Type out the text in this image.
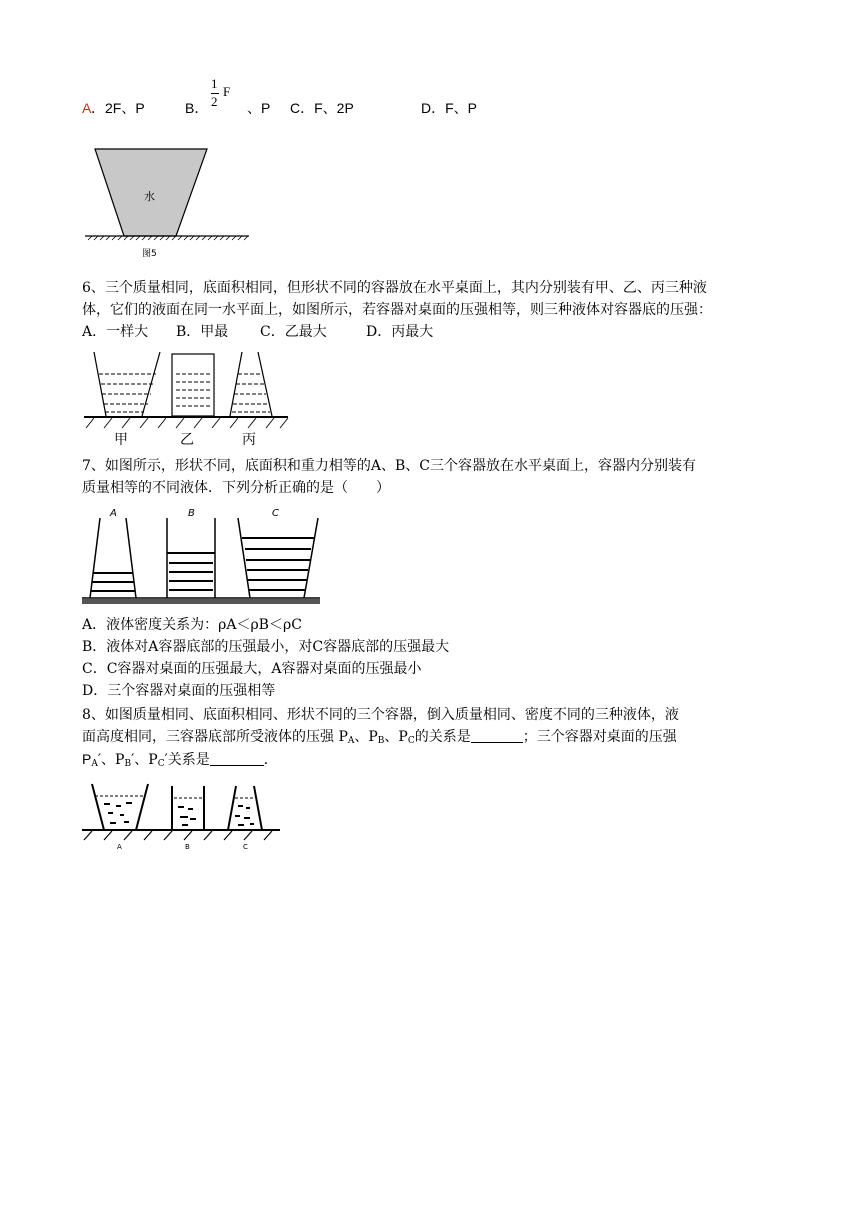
A ．2F、P	B．	、P C．F、2P	D．F、P
1
2
F
水
图5
6、三个质量相同，底面积相同，但形状不同的容器放在水平桌面上，其内分别装有甲、乙、丙三种液
体，它们的液面在同一水平面上，如图所示，若容器对桌面的压强相等，则三种液体对容器底的压强：
A．一样大 B．甲最 C．乙最大	D．丙最大
甲	乙	丙
7、如图所示，形状不同，底面积和重力相等的A、B、C三个容器放在水平桌面上，容器内分别装有
质量相等的不同液体．下列分析正确的是（　　）
A	B	C
A．液体密度关系为：ρA＜ρB＜ρC
B．液体对A容器底部的压强最小，对C容器底部的压强最大
C．C容器对桌面的压强最大，A容器对桌面的压强最小
D．三个容器对桌面的压强相等
8、如图质量相同、底面积相同、形状不同的三个容器，倒入质量相同、密度不同的三种液体，液
面高度相同，三容器底部所受液体的压强 $P_A$、$P_B$、$P_C$的关系是	；三个容器对桌面的压强
$P_A'$、$P_B'$、$P_C'$关系是	．
A	B	C
